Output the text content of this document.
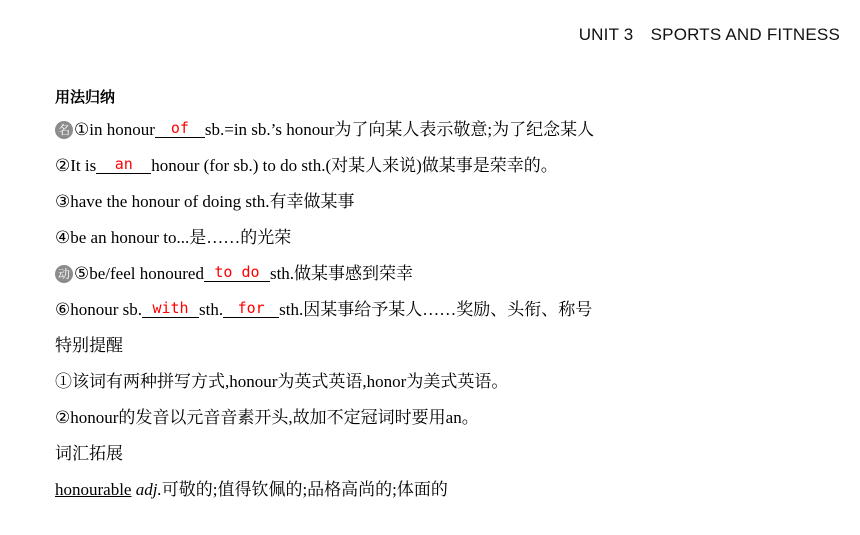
UNIT 3　SPORTS AND FITNESS
用法归纳
名 ①in honour of sb.=in sb.’s honour为了向某人表示敬意;为了纪念某人
②It is an honour (for sb.) to do sth.(对某人来说)做某事是荣幸的。
③have the honour of doing sth.有幸做某事
④be an honour to...是……的光荣
动 ⑤be/feel honoured to do sth.做某事感到荣幸
⑥honour sb. with sth. for sth.因某事给予某人……奖励、头衔、称号
特别提醒
①该词有两种拼写方式,honour为英式英语,honor为美式英语。
②honour的发音以元音音素开头,故加不定冠词时要用an。
词汇拓展
honourable adj.可敬的;值得钦佩的;品格高尚的;体面的
